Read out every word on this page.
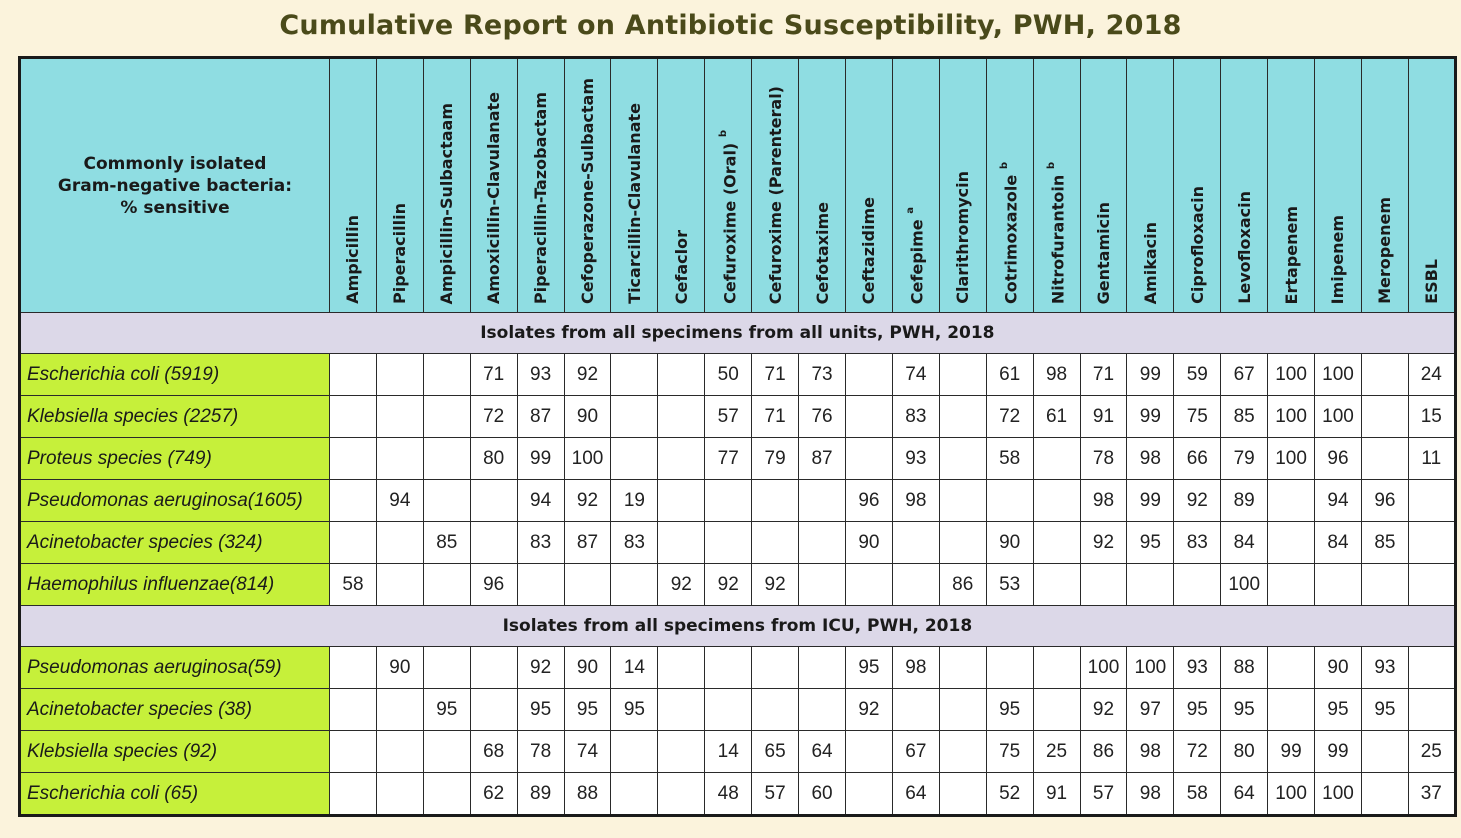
Cumulative Report on Antibiotic Susceptibility, PWH, 2018
Commonly isolated
Gram-negative bacteria:
% sensitive	Ampicillin	Piperacillin	Ampicillin-Sulbactaam	Amoxicillin-Clavulanate	Piperacillin-Tazobactam	Cefoperazone-Sulbactam	Ticarcillin-Clavulanate	Cefaclor	Cefuroxime (Oral) $^b$	Cefuroxime (Parenteral)	Cefotaxime	Ceftazidime	Cefepime $^a$	Clarithromycin	Cotrimoxazole $^b$	Nitrofurantoin $^b$	Gentamicin	Amikacin	Ciprofloxacin	Levofloxacin	Ertapenem	Imipenem	Meropenem	ESBL

Isolates from all specimens from all units, PWH, 2018																								
Escherichia coli (5919)				71	93	92			50	71	73		74		61	98	71	99	59	67	100	100		24
Klebsiella species (2257)				72	87	90			57	71	76		83		72	61	91	99	75	85	100	100		15
Proteus species (749)				80	99	100			77	79	87		93		58		78	98	66	79	100	96		11
Pseudomonas aeruginosa(1605)		94			94	92	19					96	98				98	99	92	89		94	96	
Acinetobacter species (324)			85		83	87	83					90			90		92	95	83	84		84	85	
Haemophilus influenzae(814)	58			96				92	92	92				86	53					100				
Isolates from all specimens from ICU, PWH, 2018																								
Pseudomonas aeruginosa(59)		90			92	90	14					95	98				100	100	93	88		90	93	
Acinetobacter species (38)			95		95	95	95					92			95		92	97	95	95		95	95	
Klebsiella species (92)				68	78	74			14	65	64		67		75	25	86	98	72	80	99	99		25
Escherichia coli (65)				62	89	88			48	57	60		64		52	91	57	98	58	64	100	100		37
